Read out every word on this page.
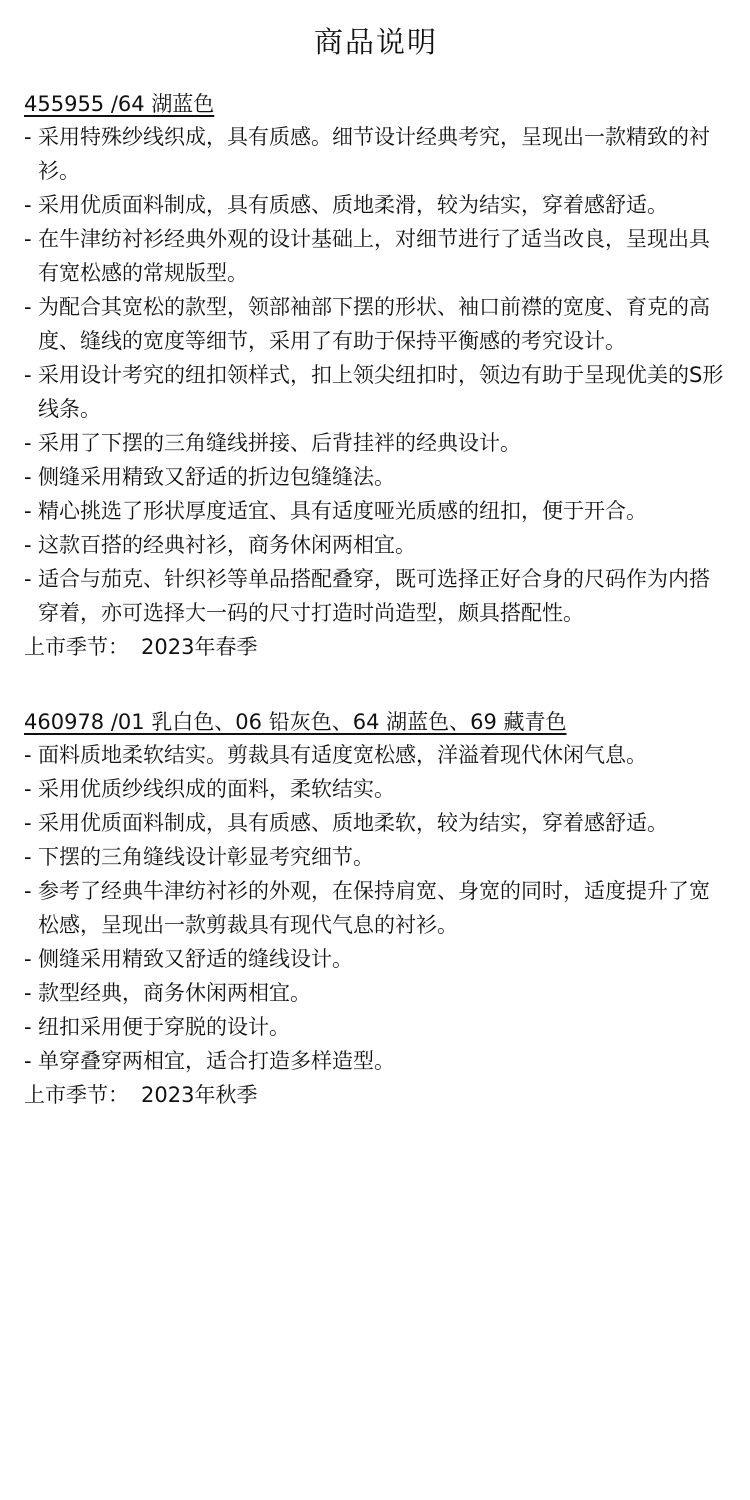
商品说明

455955 /64 湖蓝色

- 采用特殊纱线织成，具有质感。细节设计经典考究，呈现出一款精致的衬衫。
- 采用优质面料制成，具有质感、质地柔滑，较为结实，穿着感舒适。
- 在牛津纺衬衫经典外观的设计基础上，对细节进行了适当改良，呈现出具有宽松感的常规版型。
- 为配合其宽松的款型，领部袖部下摆的形状、袖口前襟的宽度、育克的高度、缝线的宽度等细节，采用了有助于保持平衡感的考究设计。
- 采用设计考究的纽扣领样式，扣上领尖纽扣时，领边有助于呈现优美的S形线条。
- 采用了下摆的三角缝线拼接、后背挂袢的经典设计。
- 侧缝采用精致又舒适的折边包缝缝法。
- 精心挑选了形状厚度适宜、具有适度哑光质感的纽扣，便于开合。
- 这款百搭的经典衬衫，商务休闲两相宜。
- 适合与茄克、针织衫等单品搭配叠穿，既可选择正好合身的尺码作为内搭穿着，亦可选择大一码的尺寸打造时尚造型，颇具搭配性。

上市季节： 2023年春季

460978 /01 乳白色、06 铅灰色、64 湖蓝色、69 藏青色

- 面料质地柔软结实。剪裁具有适度宽松感，洋溢着现代休闲气息。
- 采用优质纱线织成的面料，柔软结实。
- 采用优质面料制成，具有质感、质地柔软，较为结实，穿着感舒适。
- 下摆的三角缝线设计彰显考究细节。
- 参考了经典牛津纺衬衫的外观，在保持肩宽、身宽的同时，适度提升了宽松感，呈现出一款剪裁具有现代气息的衬衫。
- 侧缝采用精致又舒适的缝线设计。
- 款型经典，商务休闲两相宜。
- 纽扣采用便于穿脱的设计。
- 单穿叠穿两相宜，适合打造多样造型。

上市季节： 2023年秋季
